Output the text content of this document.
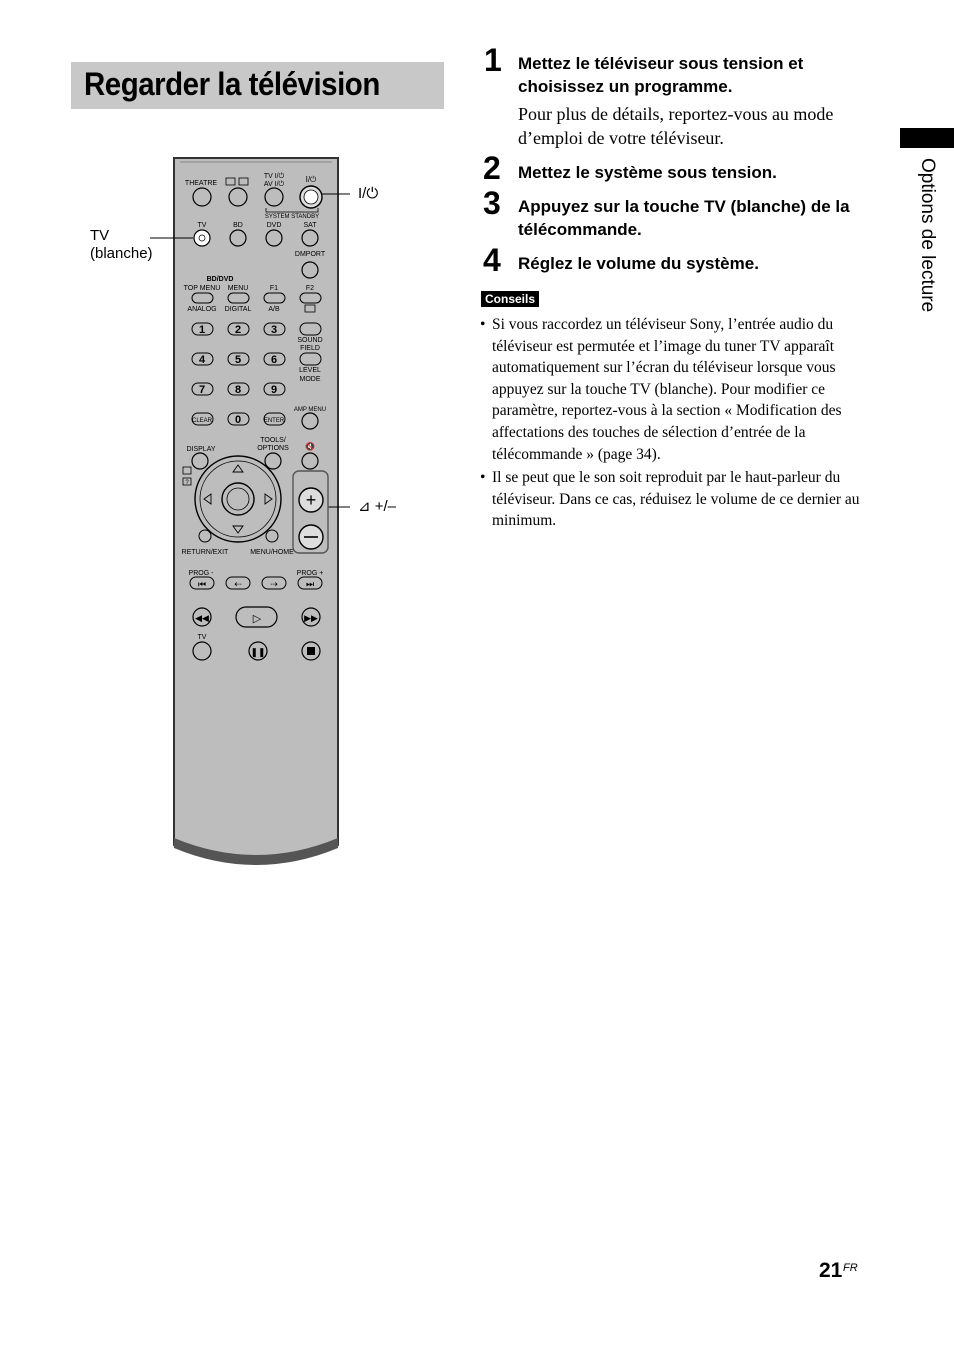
Regarder la télévision
Options de lecture
1 Mettez le téléviseur sous tension et choisissez un programme.
Pour plus de détails, reportez-vous au mode d’emploi de votre téléviseur.
2 Mettez le système sous tension.
3 Appuyez sur la touche TV (blanche) de la télécommande.
4 Réglez le volume du système.
Conseils
• Si vous raccordez un téléviseur Sony, l’entrée audio du téléviseur est permutée et l’image du tuner TV apparaît automatiquement sur l’écran du téléviseur lorsque vous appuyez sur la touche TV (blanche). Pour modifier ce paramètre, reportez-vous à la section « Modification des affectations des touches de sélection d’entrée de la télécommande » (page 34).
• Il se peut que le son soit reproduit par le haut-parleur du téléviseur. Dans ce cas, réduisez le volume de ce dernier au minimum.
21 FR
TV
(blanche)
I/⏻
⊿ +/–
THEATRE
TV I/⏻
AV I/⏻
I/⏻
SYSTEM STANDBY
TV	BD	DVD	SAT
DMPORT
BD/DVD
TOP MENU MENU	F1	F2
ANALOG DIGITAL A/B
1	2	3
SOUND
FIELD
4	5	6
LEVEL
MODE
7	8	9
CLEAR 0	ENTER
AMP MENU
DISPLAY
TOOLS/
OPTIONS 🔇
+
?
RETURN/EXIT	MENU/HOME
PROG -	PROG +
⏮	⇠	⇢	⏭
◀◀	▷	▶▶
TV
❚❚
